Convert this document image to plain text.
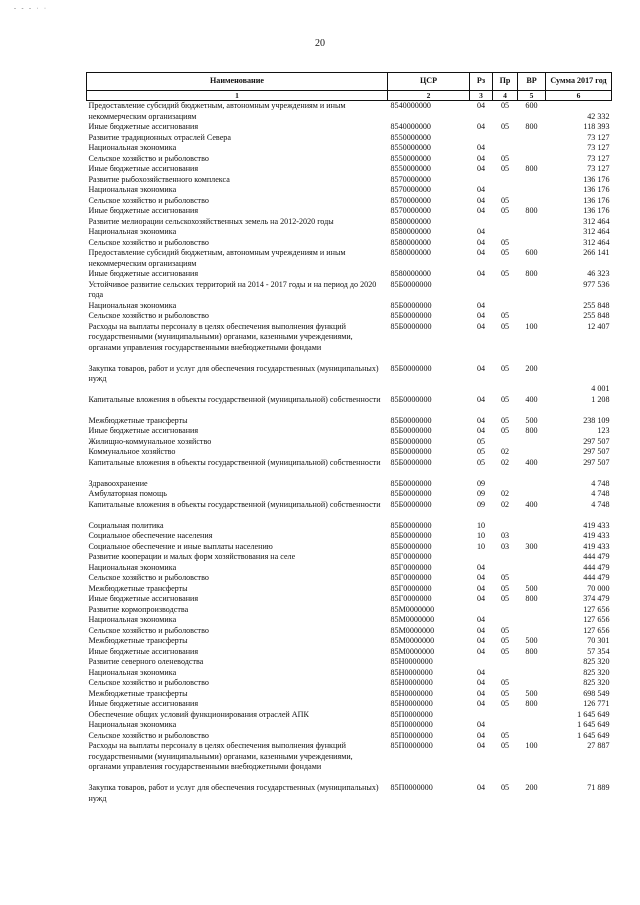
- - - · ·
20
Наименование	ЦСР	Рз	Пр	ВР	Сумма 2017 год
1	2	3	4	5	6
Предоставление субсидий бюджетным, автономным учреждениям и иным некоммерческим организациям	8540000000	04	05	600	42 332
Иные бюджетные ассигнования	8540000000	04	05	800	118 393
Развитие традиционных отраслей Севера	8550000000				73 127
Национальная экономика	8550000000	04			73 127
Сельское хозяйство и рыболовство	8550000000	04	05		73 127
Иные бюджетные ассигнования	8550000000	04	05	800	73 127
Развитие рыбохозяйственного комплекса	8570000000				136 176
Национальная экономика	8570000000	04			136 176
Сельское хозяйство и рыболовство	8570000000	04	05		136 176
Иные бюджетные ассигнования	8570000000	04	05	800	136 176
Развитие мелиорации сельскохозяйственных земель на 2012-2020 годы	8580000000				312 464
Национальная экономика	8580000000	04			312 464
Сельское хозяйство и рыболовство	8580000000	04	05		312 464
Предоставление субсидий бюджетным, автономным учреждениям и иным некоммерческим организациям	8580000000	04	05	600	266 141
Иные бюджетные ассигнования	8580000000	04	05	800	46 323
Устойчивое развитие сельских территорий на 2014 - 2017 годы и на период до 2020 года	85Б0000000				977 536
Национальная экономика	85Б0000000	04			255 848
Сельское хозяйство и рыболовство	85Б0000000	04	05		255 848
Расходы на выплаты персоналу в целях обеспечения выполнения функций государственными (муниципальными) органами, казенными учреждениями, органами управления государственными внебюджетными фондами	85Б0000000	04	05	100	12 407
Закупка товаров, работ и услуг для обеспечения государственных (муниципальных) нужд	85Б0000000	04	05	200	4 001
Капитальные вложения в объекты государственной (муниципальной) собственности	85Б0000000	04	05	400	1 208
Межбюджетные трансферты	85Б0000000	04	05	500	238 109
Иные бюджетные ассигнования	85Б0000000	04	05	800	123
Жилищно-коммунальное хозяйство	85Б0000000	05			297 507
Коммунальное хозяйство	85Б0000000	05	02		297 507
Капитальные вложения в объекты государственной (муниципальной) собственности	85Б0000000	05	02	400	297 507
Здравоохранение	85Б0000000	09			4 748
Амбулаторная помощь	85Б0000000	09	02		4 748
Капитальные вложения в объекты государственной (муниципальной) собственности	85Б0000000	09	02	400	4 748
Социальная политика	85Б0000000	10			419 433
Социальное обеспечение населения	85Б0000000	10	03		419 433
Социальное обеспечение и иные выплаты населению	85Б0000000	10	03	300	419 433
Развитие кооперации и малых форм хозяйствования на селе	85Г0000000				444 479
Национальная экономика	85Г0000000	04			444 479
Сельское хозяйство и рыболовство	85Г0000000	04	05		444 479
Межбюджетные трансферты	85Г0000000	04	05	500	70 000
Иные бюджетные ассигнования	85Г0000000	04	05	800	374 479
Развитие кормопроизводства	85М0000000				127 656
Национальная экономика	85М0000000	04			127 656
Сельское хозяйство и рыболовство	85М0000000	04	05		127 656
Межбюджетные трансферты	85М0000000	04	05	500	70 301
Иные бюджетные ассигнования	85М0000000	04	05	800	57 354
Развитие северного оленеводства	85Н0000000				825 320
Национальная экономика	85Н0000000	04			825 320
Сельское хозяйство и рыболовство	85Н0000000	04	05		825 320
Межбюджетные трансферты	85Н0000000	04	05	500	698 549
Иные бюджетные ассигнования	85Н0000000	04	05	800	126 771
Обеспечение общих условий функционирования отраслей АПК	85П0000000				1 645 649
Национальная экономика	85П0000000	04			1 645 649
Сельское хозяйство и рыболовство	85П0000000	04	05		1 645 649
Расходы на выплаты персоналу в целях обеспечения выполнения функций государственными (муниципальными) органами, казенными учреждениями, органами управления государственными внебюджетными фондами	85П0000000	04	05	100	27 887
Закупка товаров, работ и услуг для обеспечения государственных (муниципальных) нужд	85П0000000	04	05	200	71 889
